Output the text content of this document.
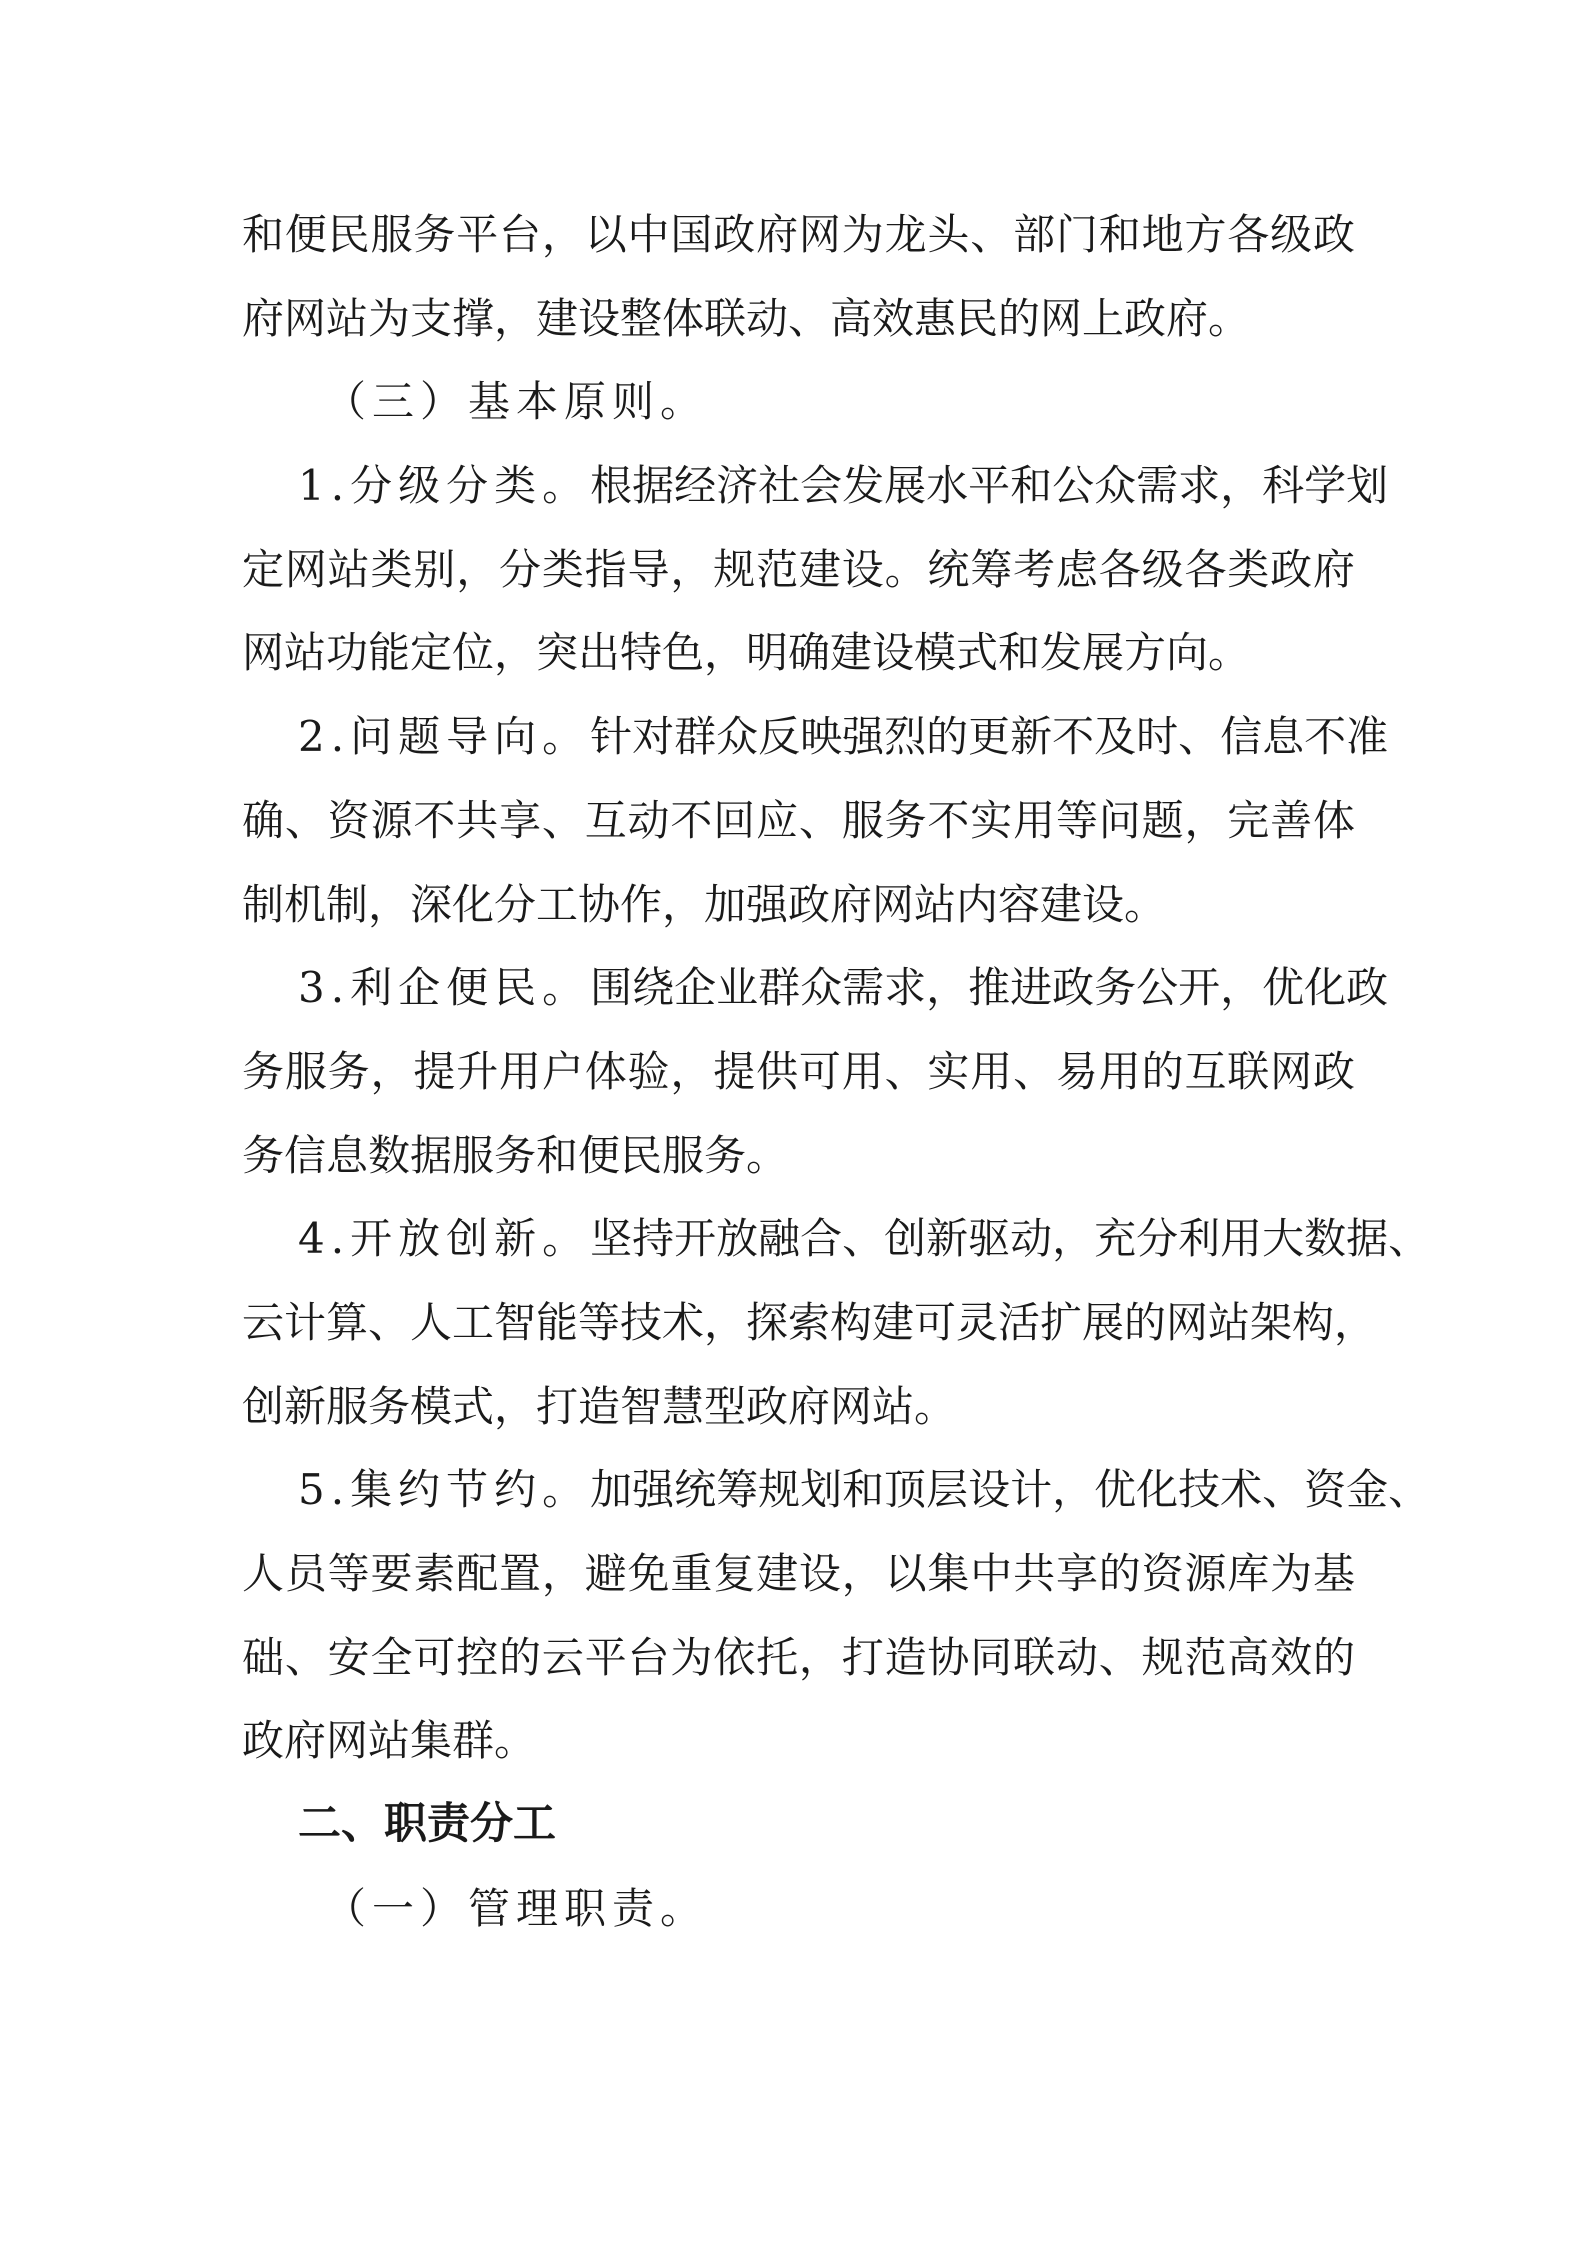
和便民服务平台，以中国政府网为龙头、部门和地方各级政
府网站为支撑，建设整体联动、高效惠民的网上政府。
（三）基本原则。
1.分级分类。根据经济社会发展水平和公众需求，科学划
定网站类别，分类指导，规范建设。统筹考虑各级各类政府
网站功能定位，突出特色，明确建设模式和发展方向。
2.问题导向。针对群众反映强烈的更新不及时、信息不准
确、资源不共享、互动不回应、服务不实用等问题，完善体
制机制，深化分工协作，加强政府网站内容建设。
3.利企便民。围绕企业群众需求，推进政务公开，优化政
务服务，提升用户体验，提供可用、实用、易用的互联网政
务信息数据服务和便民服务。
4.开放创新。坚持开放融合、创新驱动，充分利用大数据、
云计算、人工智能等技术，探索构建可灵活扩展的网站架构，
创新服务模式，打造智慧型政府网站。
5.集约节约。加强统筹规划和顶层设计，优化技术、资金、
人员等要素配置，避免重复建设，以集中共享的资源库为基
础、安全可控的云平台为依托，打造协同联动、规范高效的
政府网站集群。
二、职责分工
（一）管理职责。
